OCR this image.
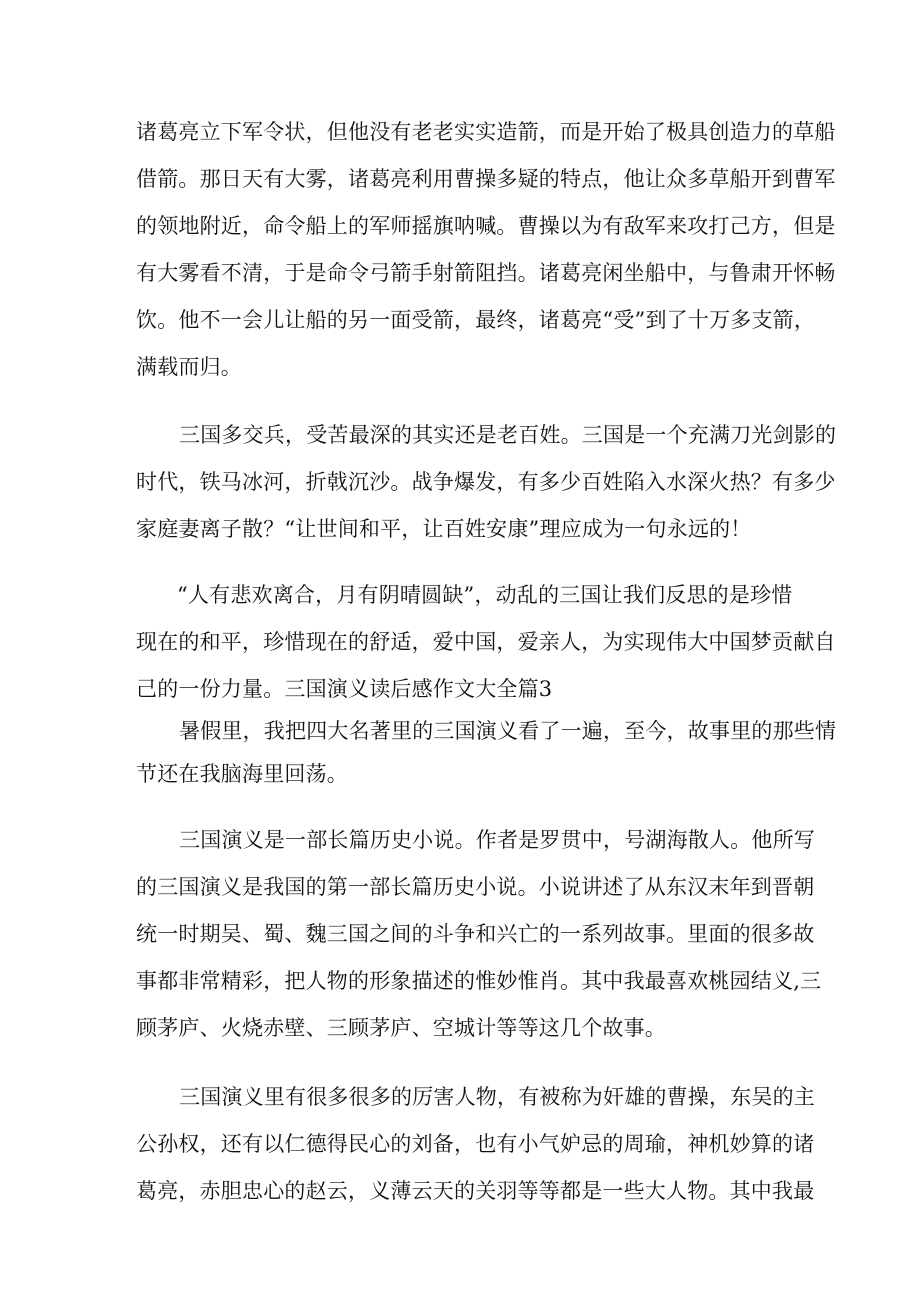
诸葛亮立下军令状，但他没有老老实实造箭，而是开始了极具创造力的草船
借箭。那日天有大雾，诸葛亮利用曹操多疑的特点，他让众多草船开到曹军
的领地附近，命令船上的军师摇旗呐喊。曹操以为有敌军来攻打己方，但是
有大雾看不清，于是命令弓箭手射箭阻挡。诸葛亮闲坐船中，与鲁肃开怀畅
饮。他不一会儿让船的另一面受箭，最终，诸葛亮“受”到了十万多支箭，
满载而归。
三国多交兵，受苦最深的其实还是老百姓。三国是一个充满刀光剑影的
时代，铁马冰河，折戟沉沙。战争爆发，有多少百姓陷入水深火热？有多少
家庭妻离子散？“让世间和平，让百姓安康”理应成为一句永远的！
“人有悲欢离合，月有阴晴圆缺”，动乱的三国让我们反思的是珍惜
现在的和平，珍惜现在的舒适，爱中国，爱亲人，为实现伟大中国梦贡献自
己的一份力量。三国演义读后感作文大全篇3
暑假里，我把四大名著里的三国演义看了一遍，至今，故事里的那些情
节还在我脑海里回荡。
三国演义是一部长篇历史小说。作者是罗贯中，号湖海散人。他所写
的三国演义是我国的第一部长篇历史小说。小说讲述了从东汉末年到晋朝
统一时期吴、蜀、魏三国之间的斗争和兴亡的一系列故事。里面的很多故
事都非常精彩，把人物的形象描述的惟妙惟肖。其中我最喜欢桃园结义,三
顾茅庐、火烧赤壁、三顾茅庐、空城计等等这几个故事。
三国演义里有很多很多的厉害人物，有被称为奸雄的曹操，东吴的主
公孙权，还有以仁德得民心的刘备，也有小气妒忌的周瑜，神机妙算的诸
葛亮，赤胆忠心的赵云，义薄云天的关羽等等都是一些大人物。其中我最
